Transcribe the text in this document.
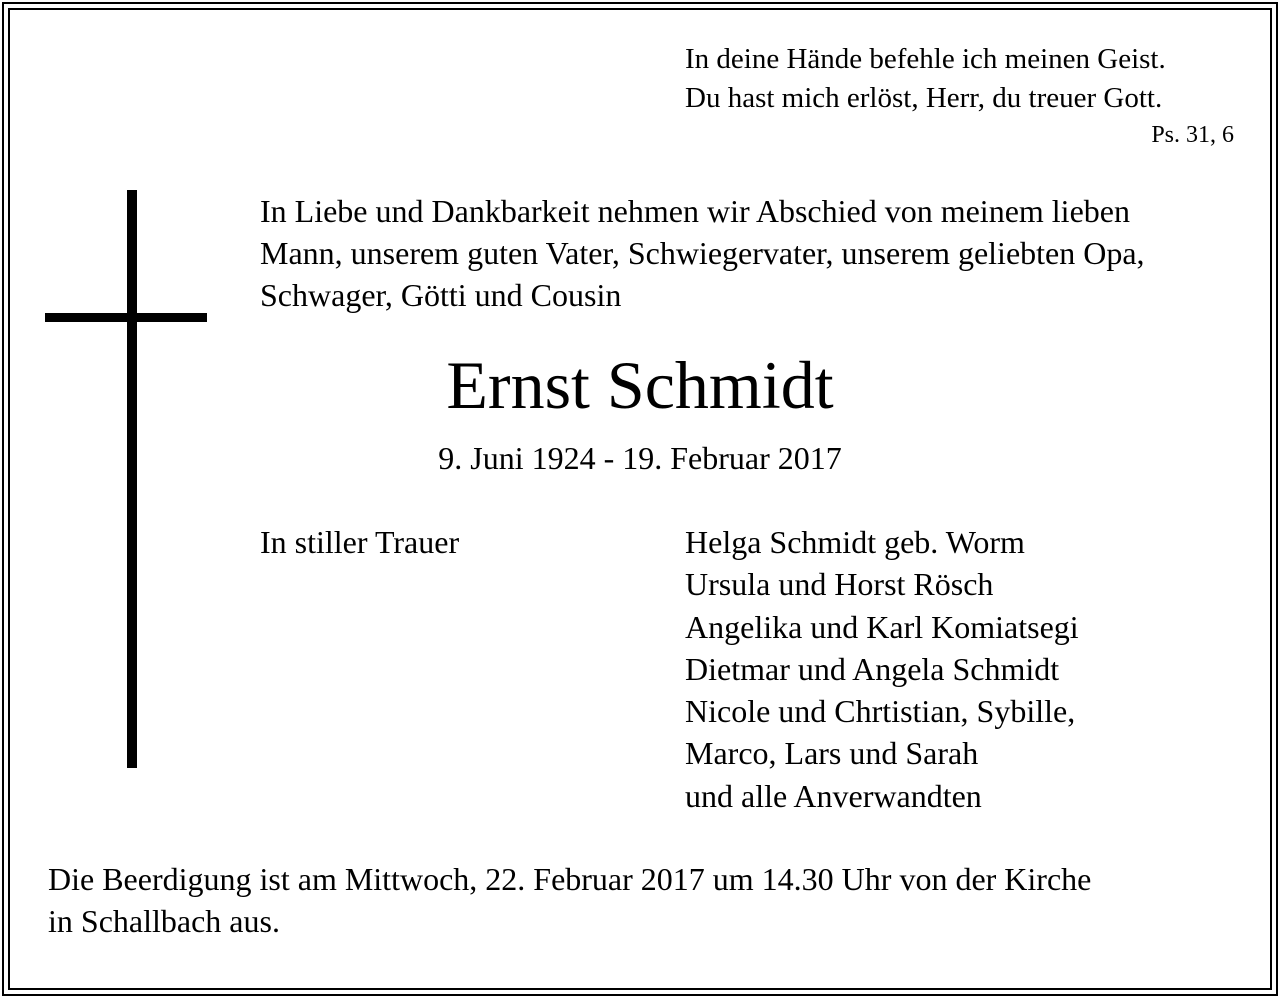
In deine Hände befehle ich meinen Geist.
Du hast mich erlöst, Herr, du treuer Gott.
Ps. 31, 6
In Liebe und Dankbarkeit nehmen wir Abschied von meinem lieben
Mann, unserem guten Vater, Schwiegervater, unserem geliebten Opa,
Schwager, Götti und Cousin
Ernst Schmidt
9. Juni 1924 - 19. Februar 2017
In stiller Trauer	Helga Schmidt geb. Worm
Ursula und Horst Rösch
Angelika und Karl Komiatsegi
Dietmar und Angela Schmidt
Nicole und Chrtistian, Sybille,
Marco, Lars und Sarah
und alle Anverwandten
Die Beerdigung ist am Mittwoch, 22. Februar 2017 um 14.30 Uhr von der Kirche
in Schallbach aus.
